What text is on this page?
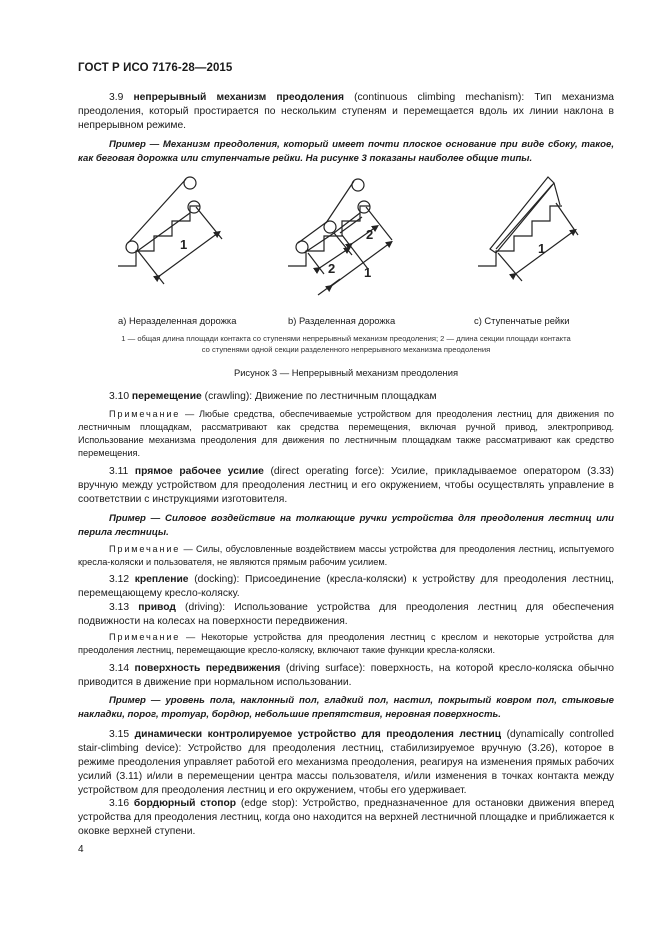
ГОСТ Р ИСО 7176-28—2015

3.9 непрерывный механизм преодоления (continuous climbing mechanism): Тип механизма преодоления, который простирается по нескольким ступеням и перемещается вдоль их линии наклона в непрерывном режиме.

Пример — Механизм преодоления, который имеет почти плоское основание при виде сбоку, такое, как беговая дорожка или ступенчатые рейки. На рисунке 3 показаны наиболее общие типы.

1
2
2
1
1
a) Неразделенная дорожка	b) Разделенная дорожка	c) Ступенчатые рейки
1 — общая длина площади контакта со ступенями непрерывный механизм преодоления; 2 — длина секции площади контакта
со ступенями одной секции разделенного непрерывного механизма преодоления
Рисунок 3 — Непрерывный механизм преодоления

3.10 перемещение (crawling): Движение по лестничным площадкам

Примечание — Любые средства, обеспечиваемые устройством для преодоления лестниц для движения по лестничным площадкам, рассматривают как средства перемещения, включая ручной привод, электропривод. Использование механизма преодоления для движения по лестничным площадкам также рассматривают как средство перемещения.

3.11 прямое рабочее усилие (direct operating force): Усилие, прикладываемое оператором (3.33) вручную между устройством для преодоления лестниц и его окружением, чтобы осуществлять управление в соответствии с инструкциями изготовителя.

Пример — Силовое воздействие на толкающие ручки устройства для преодоления лестниц или перила лестницы.

Примечание — Силы, обусловленные воздействием массы устройства для преодоления лестниц, испытуемого кресла-коляски и пользователя, не являются прямым рабочим усилием.

3.12 крепление (docking): Присоединение (кресла-коляски) к устройству для преодоления лестниц, перемещающему кресло-коляску.

3.13 привод (driving): Использование устройства для преодоления лестниц для обеспечения подвижности на колесах на поверхности передвижения.

Примечание — Некоторые устройства для преодоления лестниц с креслом и некоторые устройства для преодоления лестниц, перемещающие кресло-коляску, включают такие функции кресла-коляски.

3.14 поверхность передвижения (driving surface): поверхность, на которой кресло-коляска обычно приводится в движение при нормальном использовании.

Пример — уровень пола, наклонный пол, гладкий пол, настил, покрытый ковром пол, стыковые накладки, порог, тротуар, бордюр, небольшие препятствия, неровная поверхность.

3.15 динамически контролируемое устройство для преодоления лестниц (dynamically controlled stair-climbing device): Устройство для преодоления лестниц, стабилизируемое вручную (3.26), которое в режиме преодоления управляет работой его механизма преодоления, реагируя на изменения прямых рабочих усилий (3.11) и/или в перемещении центра массы пользователя, и/или изменения в точках контакта между устройством для преодоления лестниц и его окружением, чтобы его удерживает.

3.16 бордюрный стопор (edge stop): Устройство, предназначенное для остановки движения вперед устройства для преодоления лестниц, когда оно находится на верхней лестничной площадке и приближается к оковке верхней ступени.

4
